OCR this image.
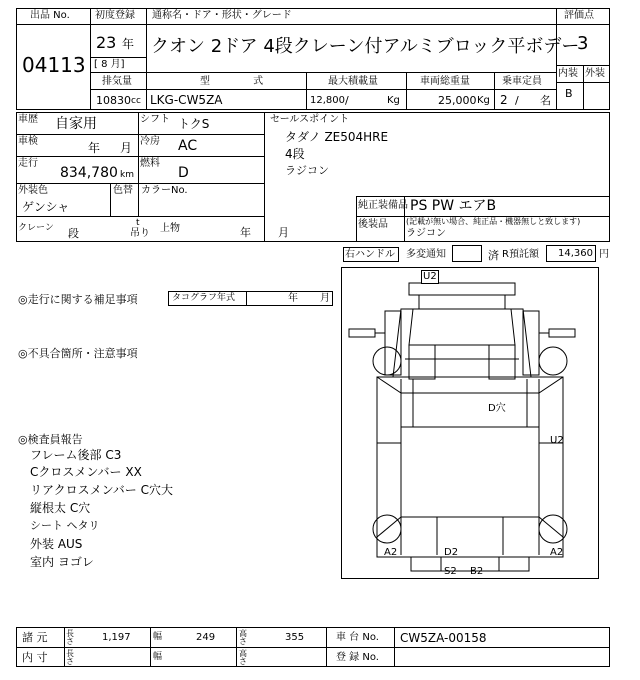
出品 No.	初度登録 通称名・ドア・形状・グレード	評価点
04113
23 年
[ 8 月]
クオン 2ドア 4段クレーン付アルミブロック平ボデー
3
内装 外装
B
排気量	型 式	最大積載量	車両総重量	乗車定員
10830 cc LKG-CW5ZA	12,800 /	Kg	25,000 Kg 2 / 名
車歴 自家用	シフト トクS
車検	年 月 冷房 AC
走行
834,780 km
燃料
D
外装色
ゲンシャ
色替 カラーNo.
クレーン 段
t
吊り 上物	年 月
セールスポイント
タダノ ZE504HRE
4段
ラジコン
純正装備品 PS PW エアB
後装品 (記載が無い場合、純正品・機器無しと致します)
ラジコン
右ハンドル 多変通知	済 R預託額 14,360 円
◎走行に関する補足事項	タコグラフ年式	年 月
◎不具合箇所・注意事項
◎検査員報告
フレーム後部 C3
Cクロスメンバー XX
リアクロスメンバー C穴大
縦根太 C穴
シート ヘタリ
外装 AUS
室内 ヨゴレ
U2
D穴
U2
A2	D2	A2
S2 B2
諸 元 長さ	1,197 幅	249	高さ	355	車 台 No. CW5ZA-00158
内 寸 長さ	幅	高さ	登 録 No.
